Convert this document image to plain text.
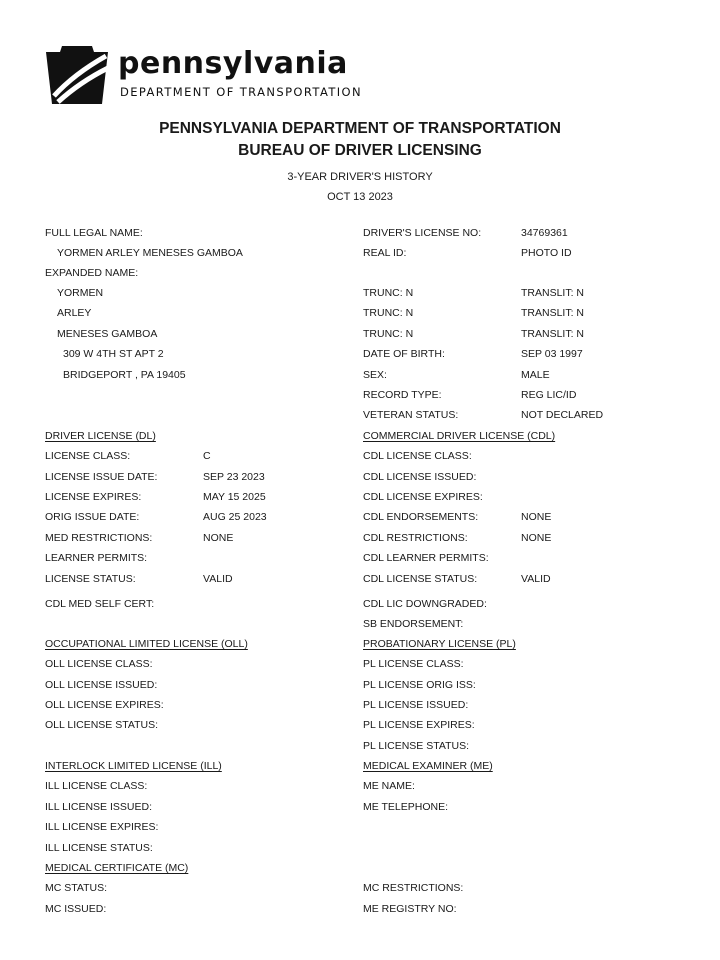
pennsylvania
DEPARTMENT OF TRANSPORTATION
PENNSYLVANIA DEPARTMENT OF TRANSPORTATION
BUREAU OF DRIVER LICENSING
3-YEAR DRIVER'S HISTORY
OCT 13 2023
FULL LEGAL NAME:
YORMEN ARLEY MENESES GAMBOA
EXPANDED NAME:
YORMEN
ARLEY
MENESES GAMBOA
309 W 4TH ST APT 2
BRIDGEPORT , PA 19405
DRIVER'S LICENSE NO:	34769361
REAL ID:	PHOTO ID
TRUNC: N	TRANSLIT: N
TRUNC: N	TRANSLIT: N
TRUNC: N	TRANSLIT: N
DATE OF BIRTH:	SEP 03 1997
SEX:	MALE
RECORD TYPE:	REG LIC/ID
VETERAN STATUS:	NOT DECLARED
DRIVER LICENSE (DL)
LICENSE CLASS:	C
LICENSE ISSUE DATE:	SEP 23 2023
LICENSE EXPIRES:	MAY 15 2025
ORIG ISSUE DATE:	AUG 25 2023
MED RESTRICTIONS:	NONE
LEARNER PERMITS:
LICENSE STATUS:	VALID
CDL MED SELF CERT:
COMMERCIAL DRIVER LICENSE (CDL)
CDL LICENSE CLASS:
CDL LICENSE ISSUED:
CDL LICENSE EXPIRES:
CDL ENDORSEMENTS:	NONE
CDL RESTRICTIONS:	NONE
CDL LEARNER PERMITS:
CDL LICENSE STATUS:	VALID
CDL LIC DOWNGRADED:
SB ENDORSEMENT:
OCCUPATIONAL LIMITED LICENSE (OLL)
OLL LICENSE CLASS:
OLL LICENSE ISSUED:
OLL LICENSE EXPIRES:
OLL LICENSE STATUS:
PROBATIONARY LICENSE (PL)
PL LICENSE CLASS:
PL LICENSE ORIG ISS:
PL LICENSE ISSUED:
PL LICENSE EXPIRES:
PL LICENSE STATUS:
INTERLOCK LIMITED LICENSE (ILL)
ILL LICENSE CLASS:
ILL LICENSE ISSUED:
ILL LICENSE EXPIRES:
ILL LICENSE STATUS:
MEDICAL EXAMINER (ME)
ME NAME:
ME TELEPHONE:
MEDICAL CERTIFICATE (MC)
MC STATUS:
MC ISSUED:
MC RESTRICTIONS:
ME REGISTRY NO:
